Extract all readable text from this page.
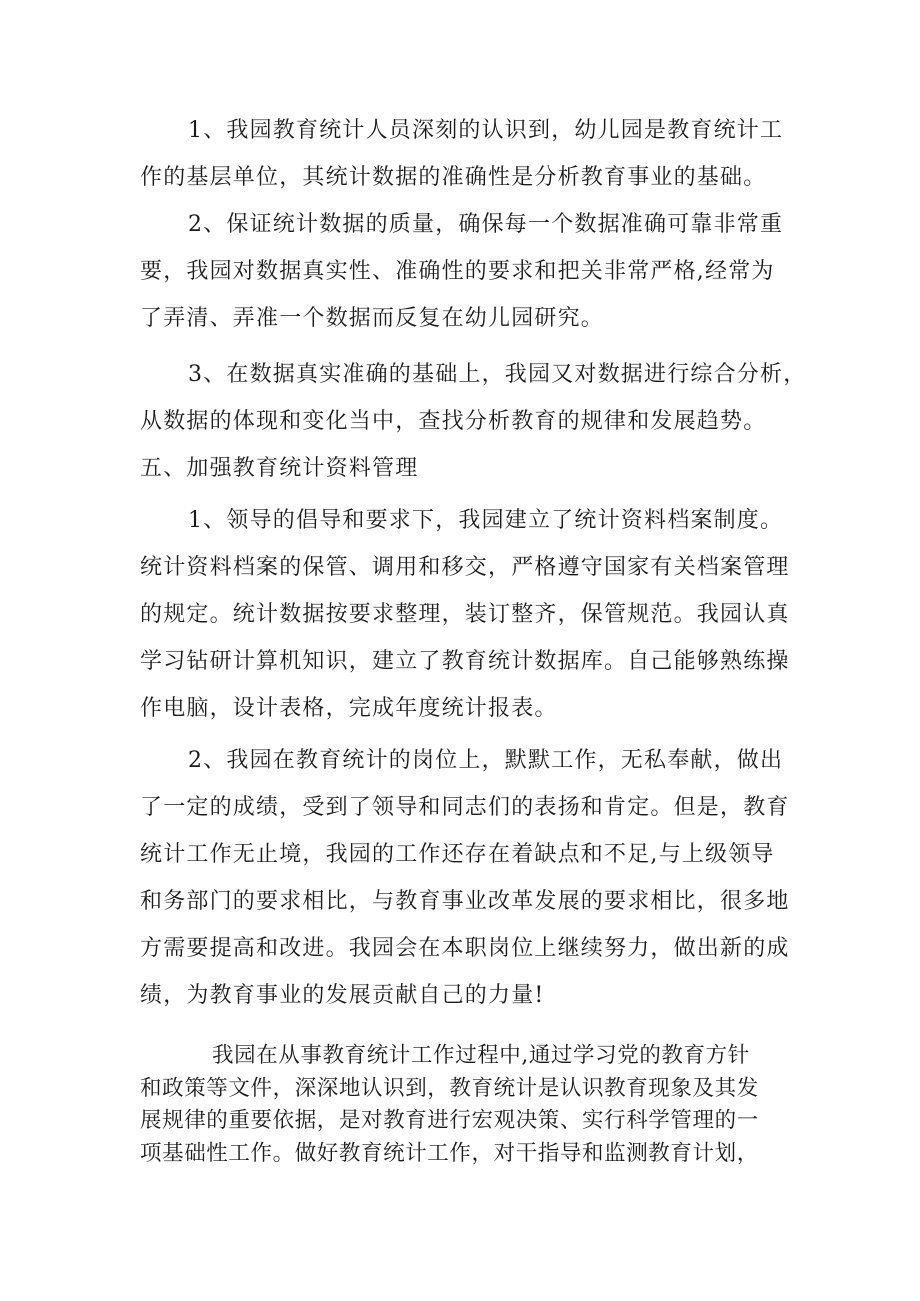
1、我园教育统计人员深刻的认识到，幼儿园是教育统计工
作的基层单位，其统计数据的准确性是分析教育事业的基础。
2、保证统计数据的质量，确保每一个数据准确可靠非常重
要，我园对数据真实性、准确性的要求和把关非常严格,经常为
了弄清、弄准一个数据而反复在幼儿园研究。
3、在数据真实准确的基础上，我园又对数据进行综合分析，
从数据的体现和变化当中，查找分析教育的规律和发展趋势。
五、加强教育统计资料管理
1、领导的倡导和要求下，我园建立了统计资料档案制度。
统计资料档案的保管、调用和移交，严格遵守国家有关档案管理
的规定。统计数据按要求整理，装订整齐，保管规范。我园认真
学习钻研计算机知识，建立了教育统计数据库。自己能够熟练操
作电脑，设计表格，完成年度统计报表。
2、我园在教育统计的岗位上，默默工作，无私奉献，做出
了一定的成绩，受到了领导和同志们的表扬和肯定。但是，教育
统计工作无止境，我园的工作还存在着缺点和不足,与上级领导
和务部门的要求相比，与教育事业改革发展的要求相比，很多地
方需要提高和改进。我园会在本职岗位上继续努力，做出新的成
绩，为教育事业的发展贡献自己的力量!
我园在从事教育统计工作过程中,通过学习党的教育方针
和政策等文件，深深地认识到，教育统计是认识教育现象及其发
展规律的重要依据，是对教育进行宏观决策、实行科学管理的一
项基础性工作。做好教育统计工作，对干指导和监测教育计划，
